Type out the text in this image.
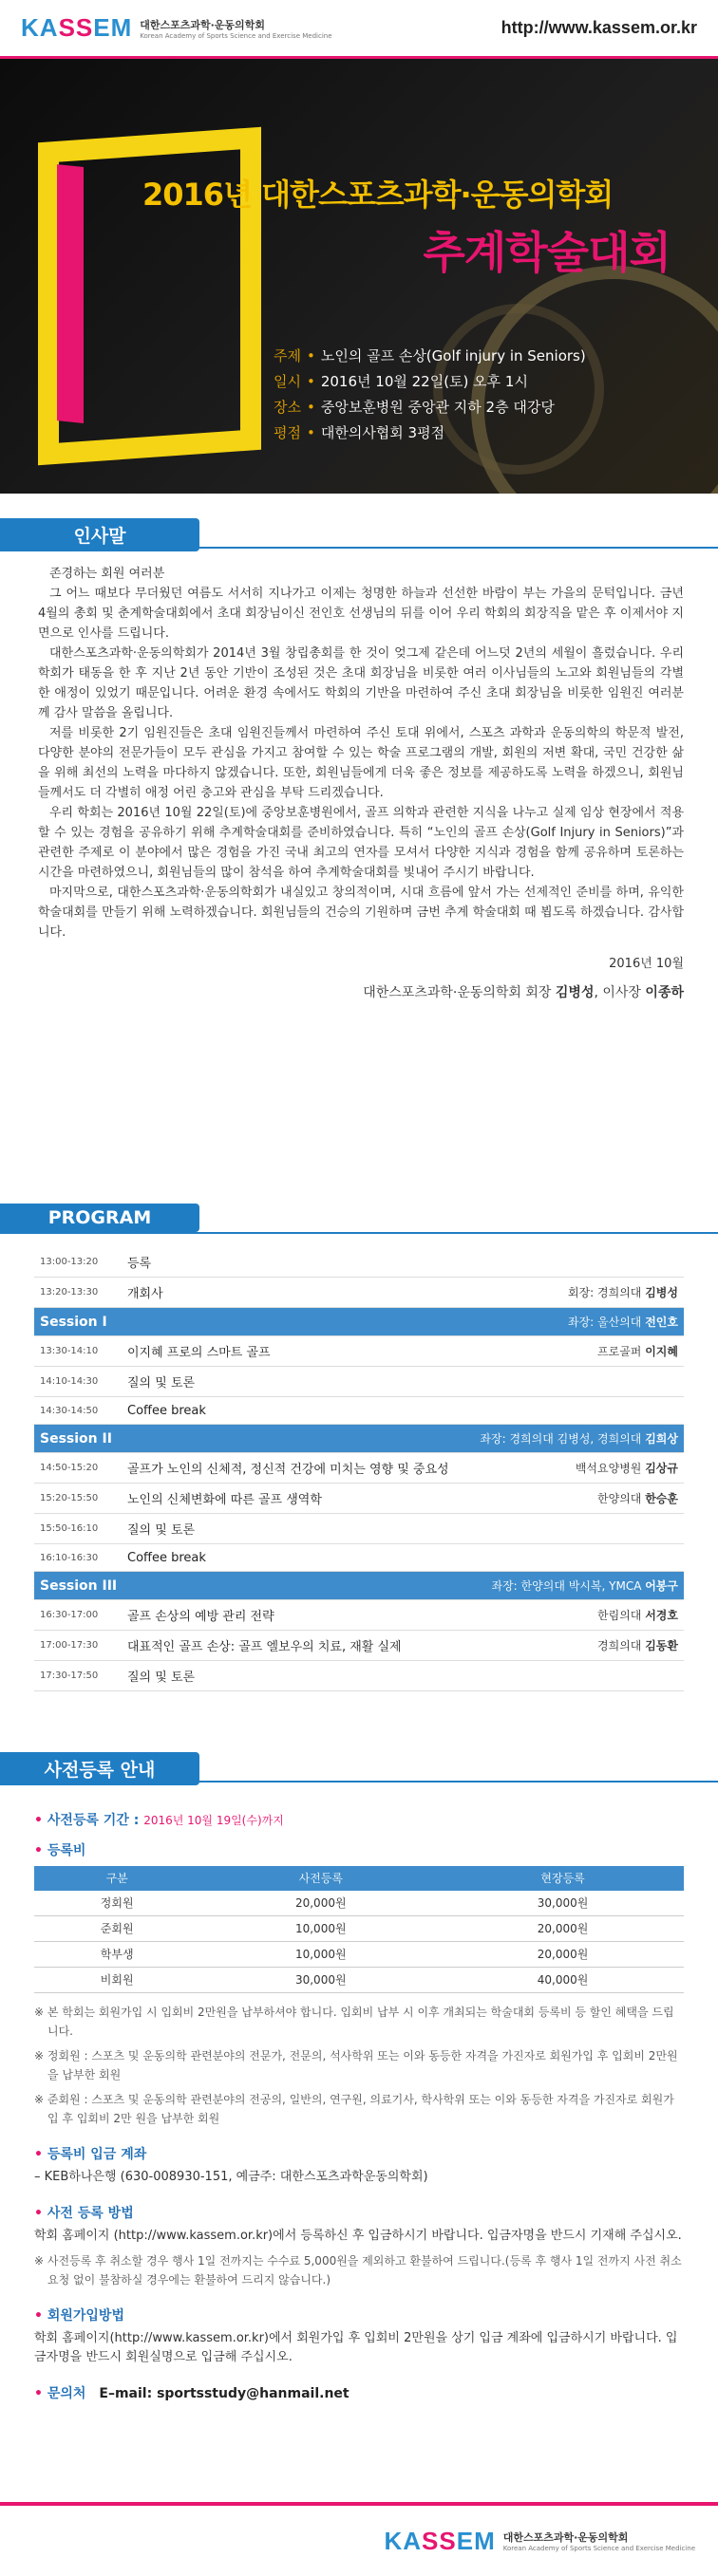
KASSEM 대한스포츠과학·운동의학회
Korean Academy of Sports Science and Exercise Medicine	http://www.kassem.or.kr
2016년 대한스포츠과학·운동의학회
추계학술대회
주제 • 노인의 골프 손상(Golf injury in Seniors)
일시 • 2016년 10월 22일(토) 오후 1시
장소 • 중앙보훈병원 중앙관 지하 2층 대강당
평점 • 대한의사협회 3평점
인사말

존경하는 회원 여러분

그 어느 때보다 무더웠던 여름도 서서히 지나가고 이제는 청명한 하늘과 선선한 바람이 부는 가을의 문턱입니다. 금년 4월의 총회 및 춘계학술대회에서 초대 회장님이신 전인호 선생님의 뒤를 이어 우리 학회의 회장직을 맡은 후 이제서야 지면으로 인사를 드립니다.

대한스포츠과학·운동의학회가 2014년 3월 창립총회를 한 것이 엊그제 같은데 어느덧 2년의 세월이 흘렀습니다. 우리 학회가 태동을 한 후 지난 2년 동안 기반이 조성된 것은 초대 회장님을 비롯한 여러 이사님들의 노고와 회원님들의 각별한 애정이 있었기 때문입니다. 어려운 환경 속에서도 학회의 기반을 마련하여 주신 초대 회장님을 비롯한 임원진 여러분께 감사 말씀을 올립니다.

저를 비롯한 2기 임원진들은 초대 임원진들께서 마련하여 주신 토대 위에서, 스포츠 과학과 운동의학의 학문적 발전, 다양한 분야의 전문가들이 모두 관심을 가지고 참여할 수 있는 학술 프로그램의 개발, 회원의 저변 확대, 국민 건강한 삶을 위해 최선의 노력을 마다하지 않겠습니다. 또한, 회원님들에게 더욱 좋은 정보를 제공하도록 노력을 하겠으니, 회원님들께서도 더 각별히 애정 어린 충고와 관심을 부탁 드리겠습니다.

우리 학회는 2016년 10월 22일(토)에 중앙보훈병원에서, 골프 의학과 관련한 지식을 나누고 실제 임상 현장에서 적용할 수 있는 경험을 공유하기 위해 추계학술대회를 준비하였습니다. 특히 “노인의 골프 손상(Golf Injury in Seniors)”과 관련한 주제로 이 분야에서 많은 경험을 가진 국내 최고의 연자를 모셔서 다양한 지식과 경험을 함께 공유하며 토론하는 시간을 마련하였으니, 회원님들의 많이 참석을 하여 추계학술대회를 빛내어 주시기 바랍니다.

마지막으로, 대한스포츠과학·운동의학회가 내실있고 창의적이며, 시대 흐름에 앞서 가는 선제적인 준비를 하며, 유익한 학술대회를 만들기 위해 노력하겠습니다. 회원님들의 건승의 기원하며 금번 추계 학술대회 때 뵙도록 하겠습니다. 감사합니다.

2016년 10월

대한스포츠과학·운동의학회 회장 김병성, 이사장 이종하

PROGRAM
13:00-13:20	등록	
13:20-13:30	개회사	회장: 경희의대 김병성
Session I		좌장: 울산의대 전인호
13:30-14:10	이지혜 프로의 스마트 골프	프로골퍼 이지혜
14:10-14:30	질의 및 토론	
14:30-14:50	Coffee break	
Session II		좌장: 경희의대 김병성, 경희의대 김희상
14:50-15:20	골프가 노인의 신체적, 정신적 건강에 미치는 영향 및 중요성	백석요양병원 김상규
15:20-15:50	노인의 신체변화에 따른 골프 생역학	한양의대 한승훈
15:50-16:10	질의 및 토론	
16:10-16:30	Coffee break	
Session III		좌장: 한양의대 박시복, YMCA 어봉구
16:30-17:00	골프 손상의 예방 관리 전략	한림의대 서경호
17:00-17:30	대표적인 골프 손상: 골프 엘보우의 치료, 재활 실제	경희의대 김동환
17:30-17:50	질의 및 토론	
사전등록 안내
• 사전등록 기간 : 2016년 10월 19일(수)까지
• 등록비
구분	사전등록	현장등록
정회원	20,000원	30,000원
준회원	10,000원	20,000원
학부생	10,000원	20,000원
비회원	30,000원	40,000원

※ 본 학회는 회원가입 시 입회비 2만원을 납부하셔야 합니다. 입회비 납부 시 이후 개최되는 학술대회 등록비 등 할인 혜택을 드립니다.

※ 정회원 : 스포츠 및 운동의학 관련분야의 전문가, 전문의, 석사학위 또는 이와 동등한 자격을 가진자로 회원가입 후 입회비 2만원을 납부한 회원

※ 준회원 : 스포츠 및 운동의학 관련분야의 전공의, 일반의, 연구원, 의료기사, 학사학위 또는 이와 동등한 자격을 가진자로 회원가입 후 입회비 2만 원을 납부한 회원

• 등록비 입금 계좌

– KEB하나은행 (630-008930-151, 예금주: 대한스포츠과학운동의학회)

• 사전 등록 방법

학회 홈페이지 (http://www.kassem.or.kr)에서 등록하신 후 입금하시기 바랍니다. 입금자명을 반드시 기재해 주십시오.

※ 사전등록 후 취소할 경우 행사 1일 전까지는 수수료 5,000원을 제외하고 환불하여 드립니다.(등록 후 행사 1일 전까지 사전 취소 요청 없이 불참하실 경우에는 환불하여 드리지 않습니다.)

• 회원가입방법

학회 홈페이지(http://www.kassem.or.kr)에서 회원가입 후 입회비 2만원을 상기 입금 계좌에 입금하시기 바랍니다. 입금자명을 반드시 회원실명으로 입금해 주십시오.

• 문의처 E–mail: sportsstudy@hanmail.net
KASSEM 대한스포츠과학·운동의학회
Korean Academy of Sports Science and Exercise Medicine
